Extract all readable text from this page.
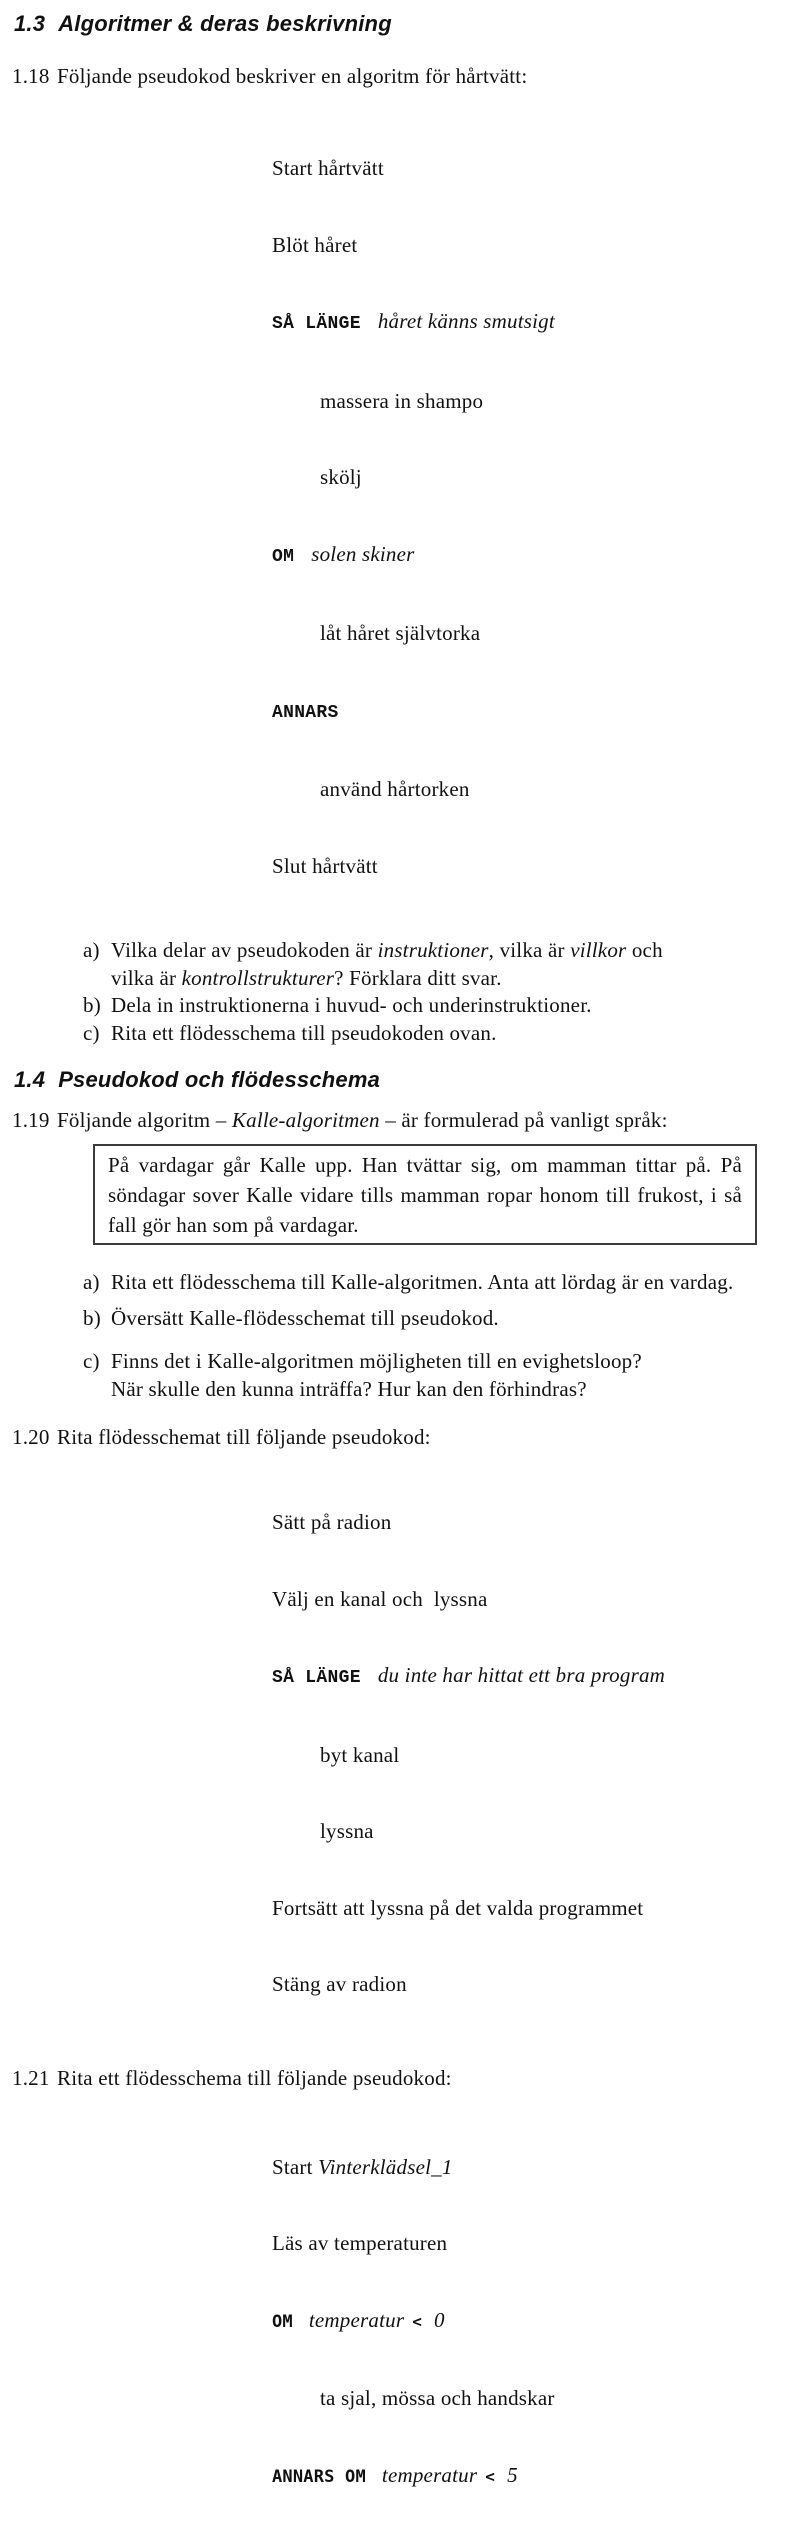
1.3 Algoritmer & deras beskrivning
1.18 Följande pseudokod beskriver en algoritm för hårtvätt:

Start hårtvätt

Blöt håret

SÅ LÄNGE håret känns smutsigt

massera in shampo

skölj

OM solen skiner

låt håret självtorka

ANNARS

använd hårtorken

Slut hårtvätt

a) Vilka delar av pseudokoden är instruktioner, vilka är villkor och
vilka är kontrollstrukturer? Förklara ditt svar.
b) Dela in instruktionerna i huvud- och underinstruktioner.
c) Rita ett flödesschema till pseudokoden ovan.
1.4 Pseudokod och flödesschema
1.19 Följande algoritm – Kalle-algoritmen – är formulerad på vanligt språk:
På vardagar går Kalle upp. Han tvättar sig, om mamman tittar på. På söndagar sover Kalle vidare tills mamman ropar honom till frukost, i så fall gör han som på vardagar.
a) Rita ett flödesschema till Kalle-algoritmen. Anta att lördag är en vardag.
b) Översätt Kalle-flödesschemat till pseudokod.
c) Finns det i Kalle-algoritmen möjligheten till en evighetsloop?
När skulle den kunna inträffa? Hur kan den förhindras?
1.20 Rita flödesschemat till följande pseudokod:

Sätt på radion

Välj en kanal och  lyssna

SÅ LÄNGE du inte har hittat ett bra program

byt kanal

lyssna

Fortsätt att lyssna på det valda programmet

Stäng av radion

1.21 Rita ett flödesschema till följande pseudokod:

Start Vinterklädsel_1

Läs av temperaturen

OM temperatur < 0

ta sjal, mössa och handskar

ANNARS OM temperatur < 5
